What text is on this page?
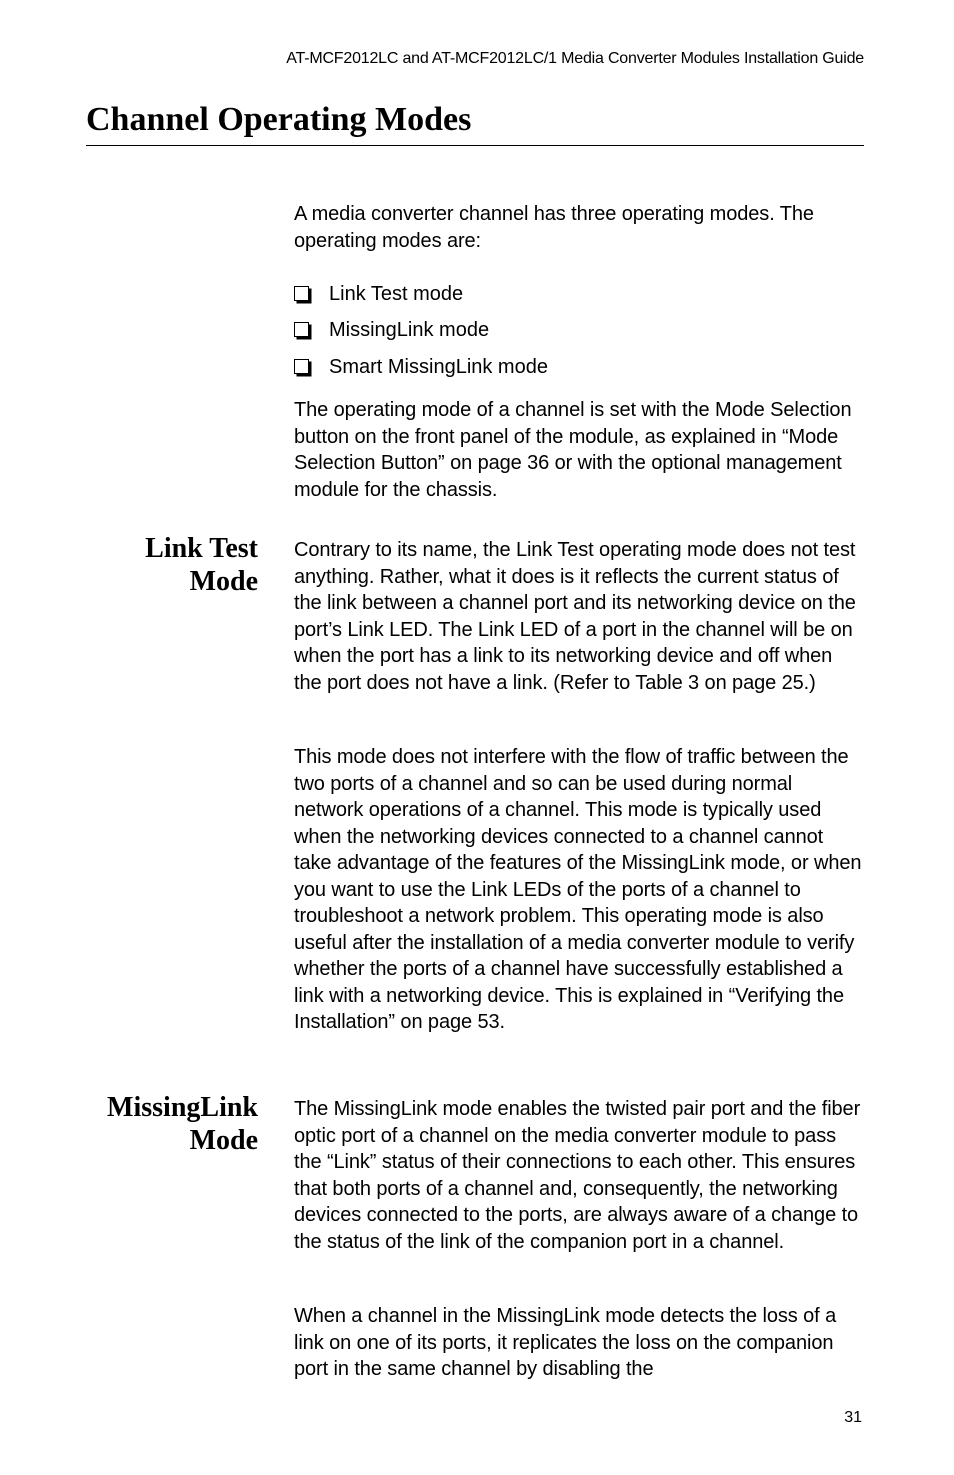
AT-MCF2012LC and AT-MCF2012LC/1 Media Converter Modules Installation Guide
Channel Operating Modes

A media converter channel has three operating modes. The operating modes are:

Link Test mode
MissingLink mode
Smart MissingLink mode

The operating mode of a channel is set with the Mode Selection button on the front panel of the module, as explained in “Mode Selection Button” on page 36 or with the optional management module for the chassis.

Link Test
Mode

Contrary to its name, the Link Test operating mode does not test anything. Rather, what it does is it reflects the current status of the link between a channel port and its networking device on the port’s Link LED. The Link LED of a port in the channel will be on when the port has a link to its networking device and off when the port does not have a link. (Refer to Table 3 on page 25.)

This mode does not interfere with the flow of traffic between the two ports of a channel and so can be used during normal network operations of a channel. This mode is typically used when the networking devices connected to a channel cannot take advantage of the features of the MissingLink mode, or when you want to use the Link LEDs of the ports of a channel to troubleshoot a network problem. This operating mode is also useful after the installation of a media converter module to verify whether the ports of a channel have successfully established a link with a networking device. This is explained in “Verifying the Installation” on page 53.

MissingLink
Mode

The MissingLink mode enables the twisted pair port and the fiber optic port of a channel on the media converter module to pass the “Link” status of their connections to each other. This ensures that both ports of a channel and, consequently, the networking devices connected to the ports, are always aware of a change to the status of the link of the companion port in a channel.

When a channel in the MissingLink mode detects the loss of a link on one of its ports, it replicates the loss on the companion port in the same channel by disabling the

31
